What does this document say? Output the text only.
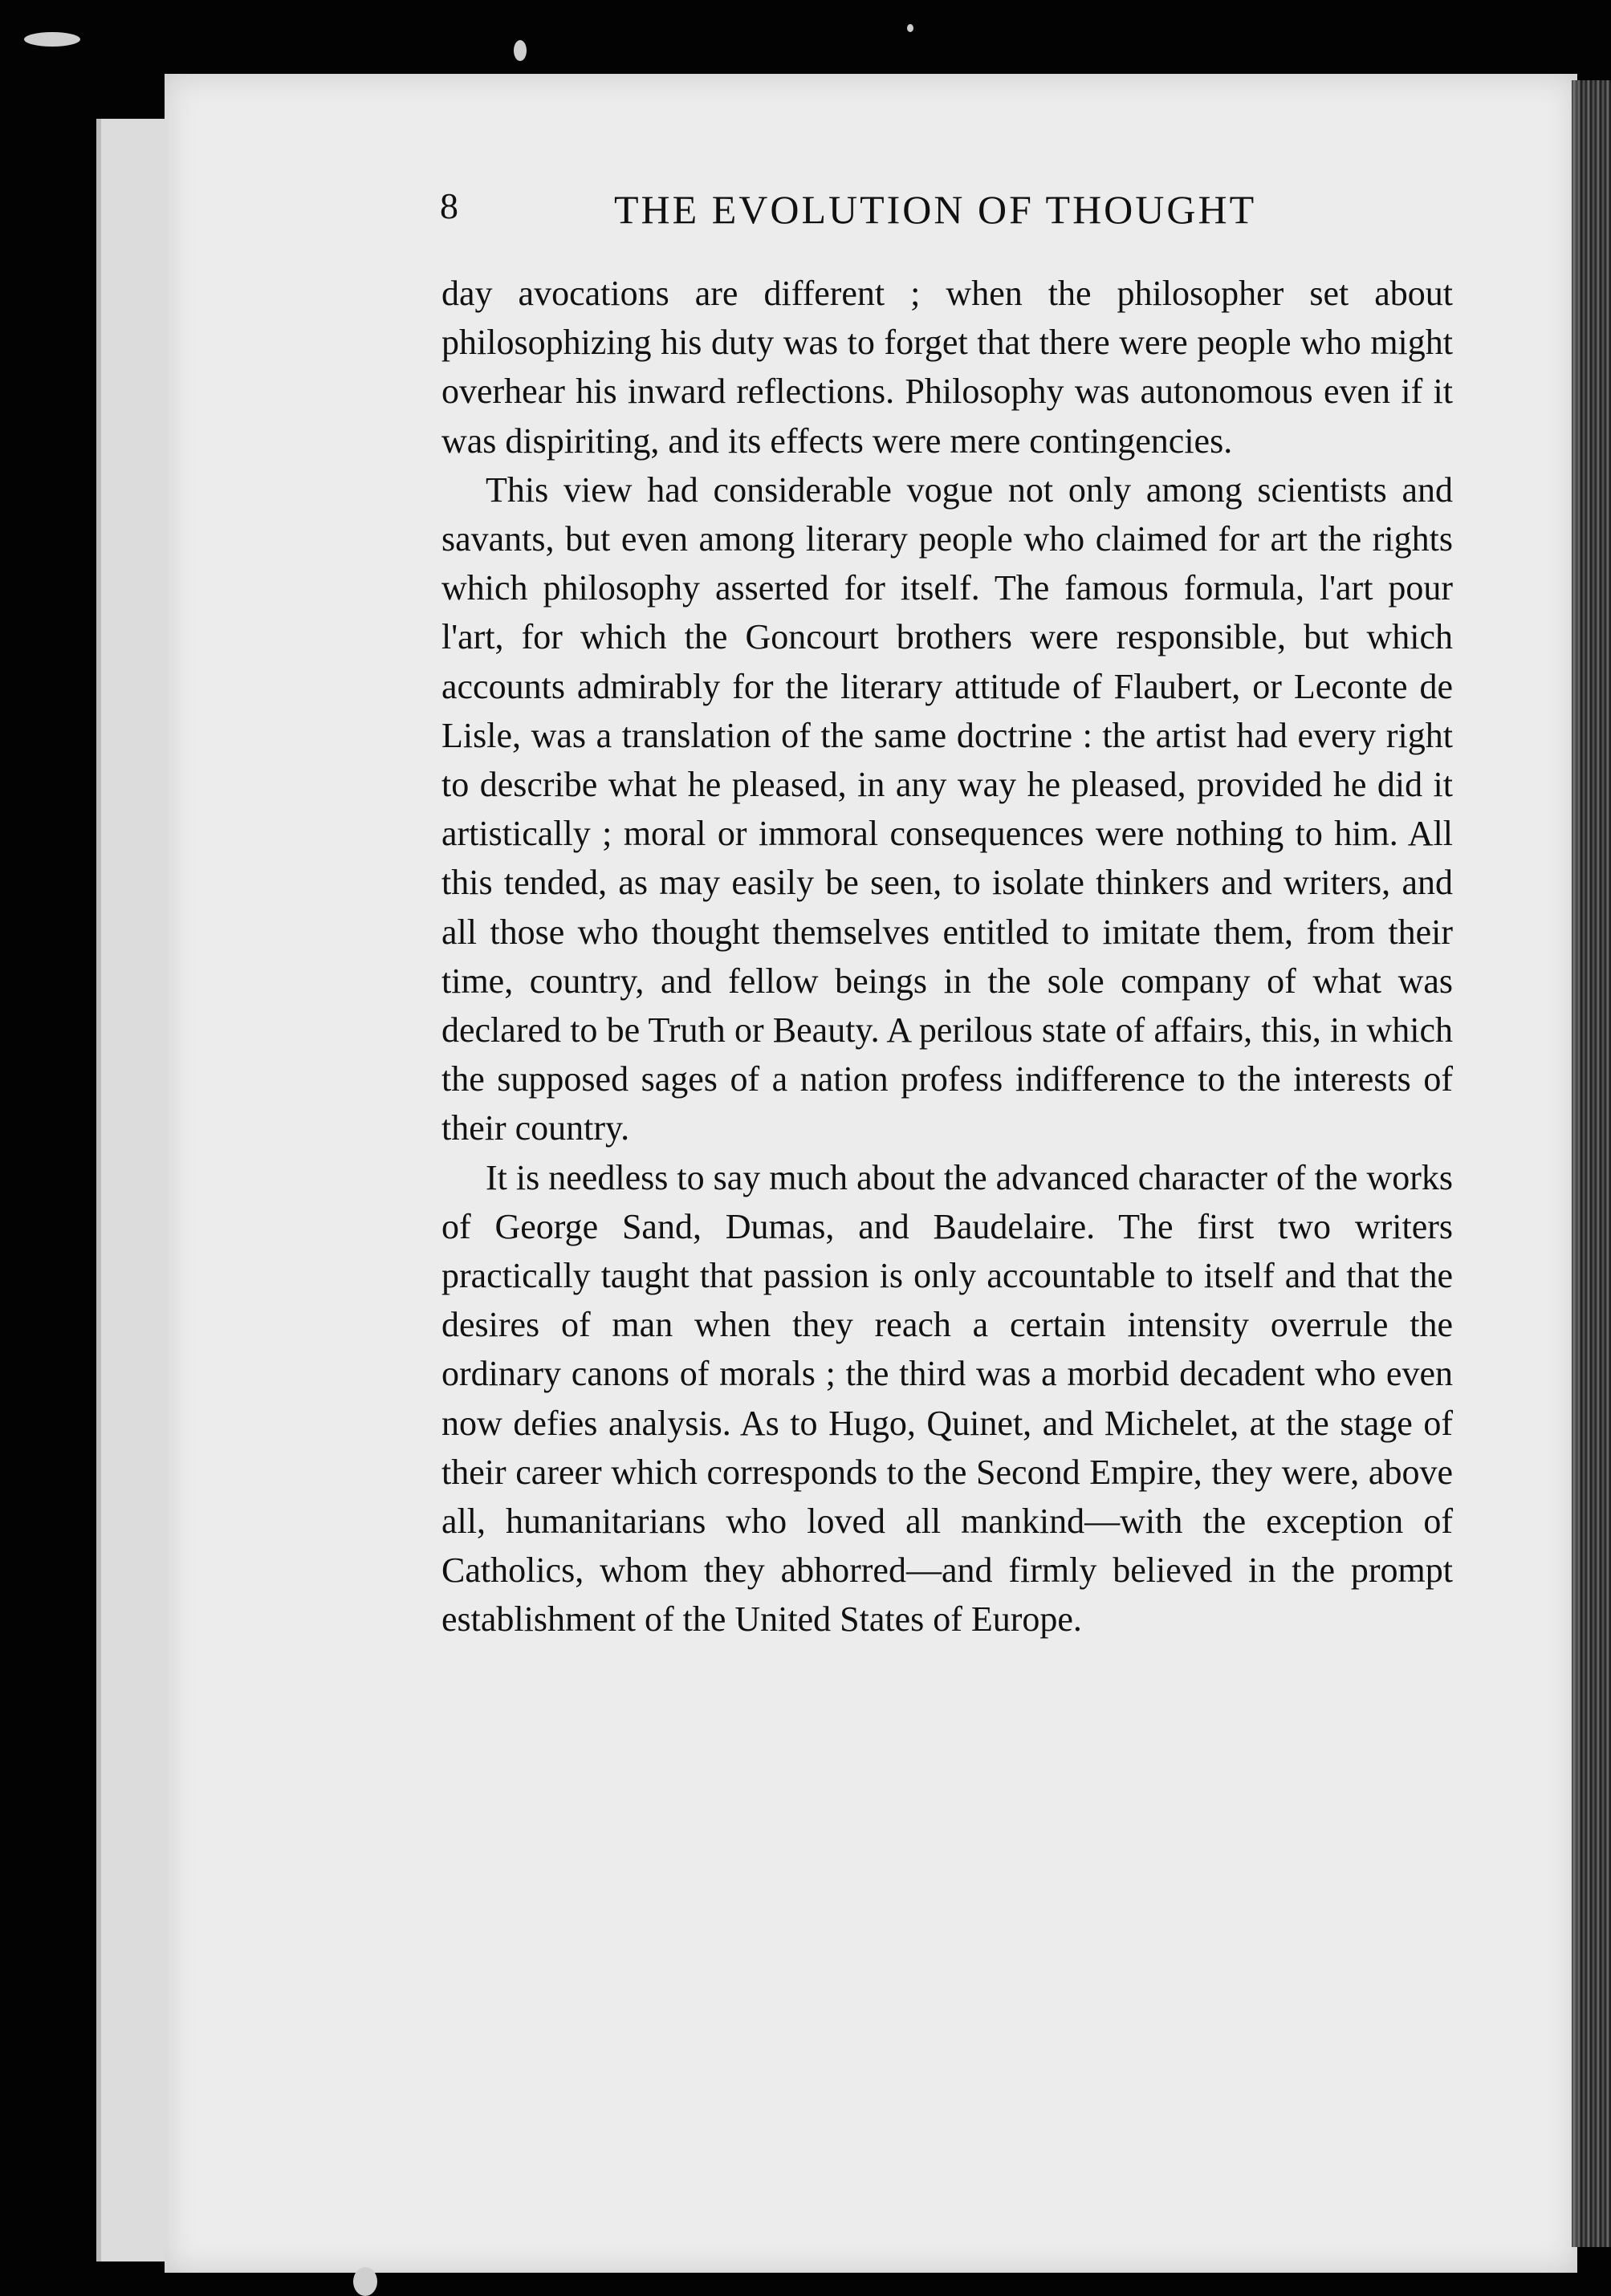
8	THE EVOLUTION OF THOUGHT

day avocations are different ; when the philosopher set about philosophizing his duty was to forget that there were people who might overhear his inward reflections. Philosophy was autonomous even if it was dispiriting, and its effects were mere contingencies.

This view had considerable vogue not only among scientists and savants, but even among literary people who claimed for art the rights which philosophy asserted for itself. The famous formula, l'art pour l'art, for which the Goncourt brothers were responsible, but which accounts admirably for the literary attitude of Flaubert, or Leconte de Lisle, was a translation of the same doctrine : the artist had every right to describe what he pleased, in any way he pleased, provided he did it artistically ; moral or immoral consequences were nothing to him. All this tended, as may easily be seen, to isolate thinkers and writers, and all those who thought themselves entitled to imitate them, from their time, country, and fellow beings in the sole company of what was declared to be Truth or Beauty. A perilous state of affairs, this, in which the supposed sages of a nation profess indifference to the interests of their country.

It is needless to say much about the advanced character of the works of George Sand, Dumas, and Baudelaire. The first two writers practically taught that passion is only accountable to itself and that the desires of man when they reach a certain intensity overrule the ordinary canons of morals ; the third was a morbid decadent who even now defies analysis. As to Hugo, Quinet, and Michelet, at the stage of their career which corresponds to the Second Empire, they were, above all, humanitarians who loved all mankind—with the exception of Catholics, whom they abhorred—and firmly believed in the prompt establishment of the United States of Europe.
